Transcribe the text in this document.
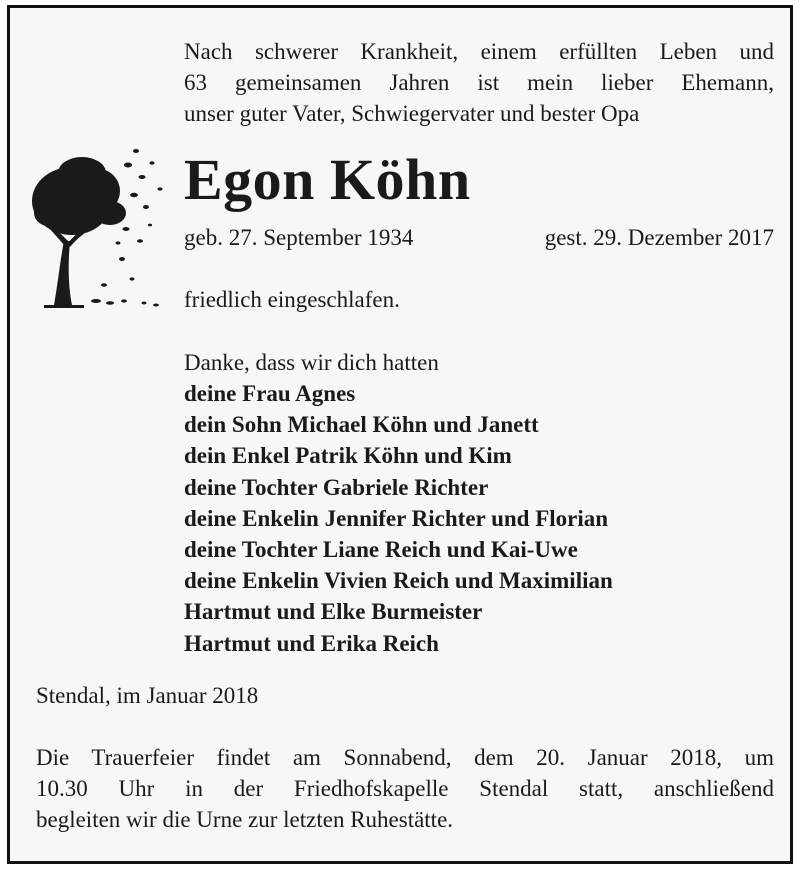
Nach schwerer Krankheit, einem erfüllten Leben und
63 gemeinsamen Jahren ist mein lieber Ehemann,
unser guter Vater, Schwiegervater und bester Opa
Egon Köhn
geb. 27. September 1934	gest. 29. Dezember 2017
friedlich eingeschlafen.
Danke, dass wir dich hatten
deine Frau Agnes
dein Sohn Michael Köhn und Janett
dein Enkel Patrik Köhn und Kim
deine Tochter Gabriele Richter
deine Enkelin Jennifer Richter und Florian
deine Tochter Liane Reich und Kai-Uwe
deine Enkelin Vivien Reich und Maximilian
Hartmut und Elke Burmeister
Hartmut und Erika Reich
Stendal, im Januar 2018
Die Trauerfeier findet am Sonnabend, dem 20. Januar 2018, um
10.30 Uhr in der Friedhofskapelle Stendal statt, anschließend
begleiten wir die Urne zur letzten Ruhestätte.
